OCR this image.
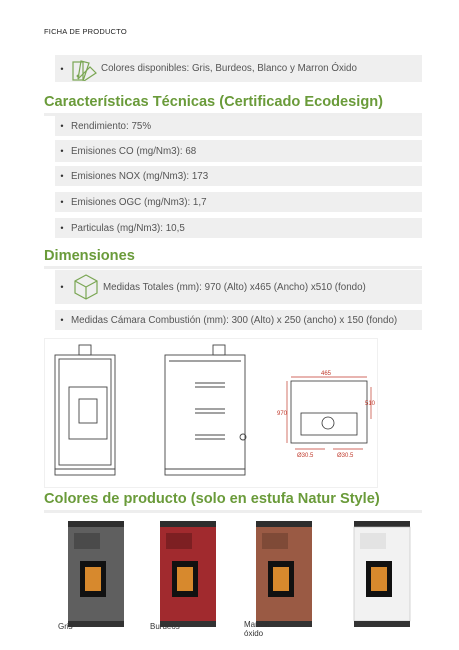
FICHA DE PRODUCTO
•	Colores disponibles: Gris, Burdeos, Blanco y Marron Óxido
Características Técnicas (Certificado Ecodesign)
• Rendimiento: 75%
• Emisiones CO (mg/Nm3): 68
• Emisiones NOX (mg/Nm3): 173
• Emisiones OGC (mg/Nm3): 1,7
• Particulas (mg/Nm3): 10,5
Dimensiones
•	Medidas Totales (mm): 970 (Alto) x465 (Ancho) x510 (fondo)
• Medidas Cámara Combustión (mm): 300 (Alto) x 250 (ancho) x 150 (fondo)
465
970
510
Ø30.5	Ø30.5
Colores de producto (solo en estufa Natur Style)
Gris	Burdeos	Marrón
óxido
